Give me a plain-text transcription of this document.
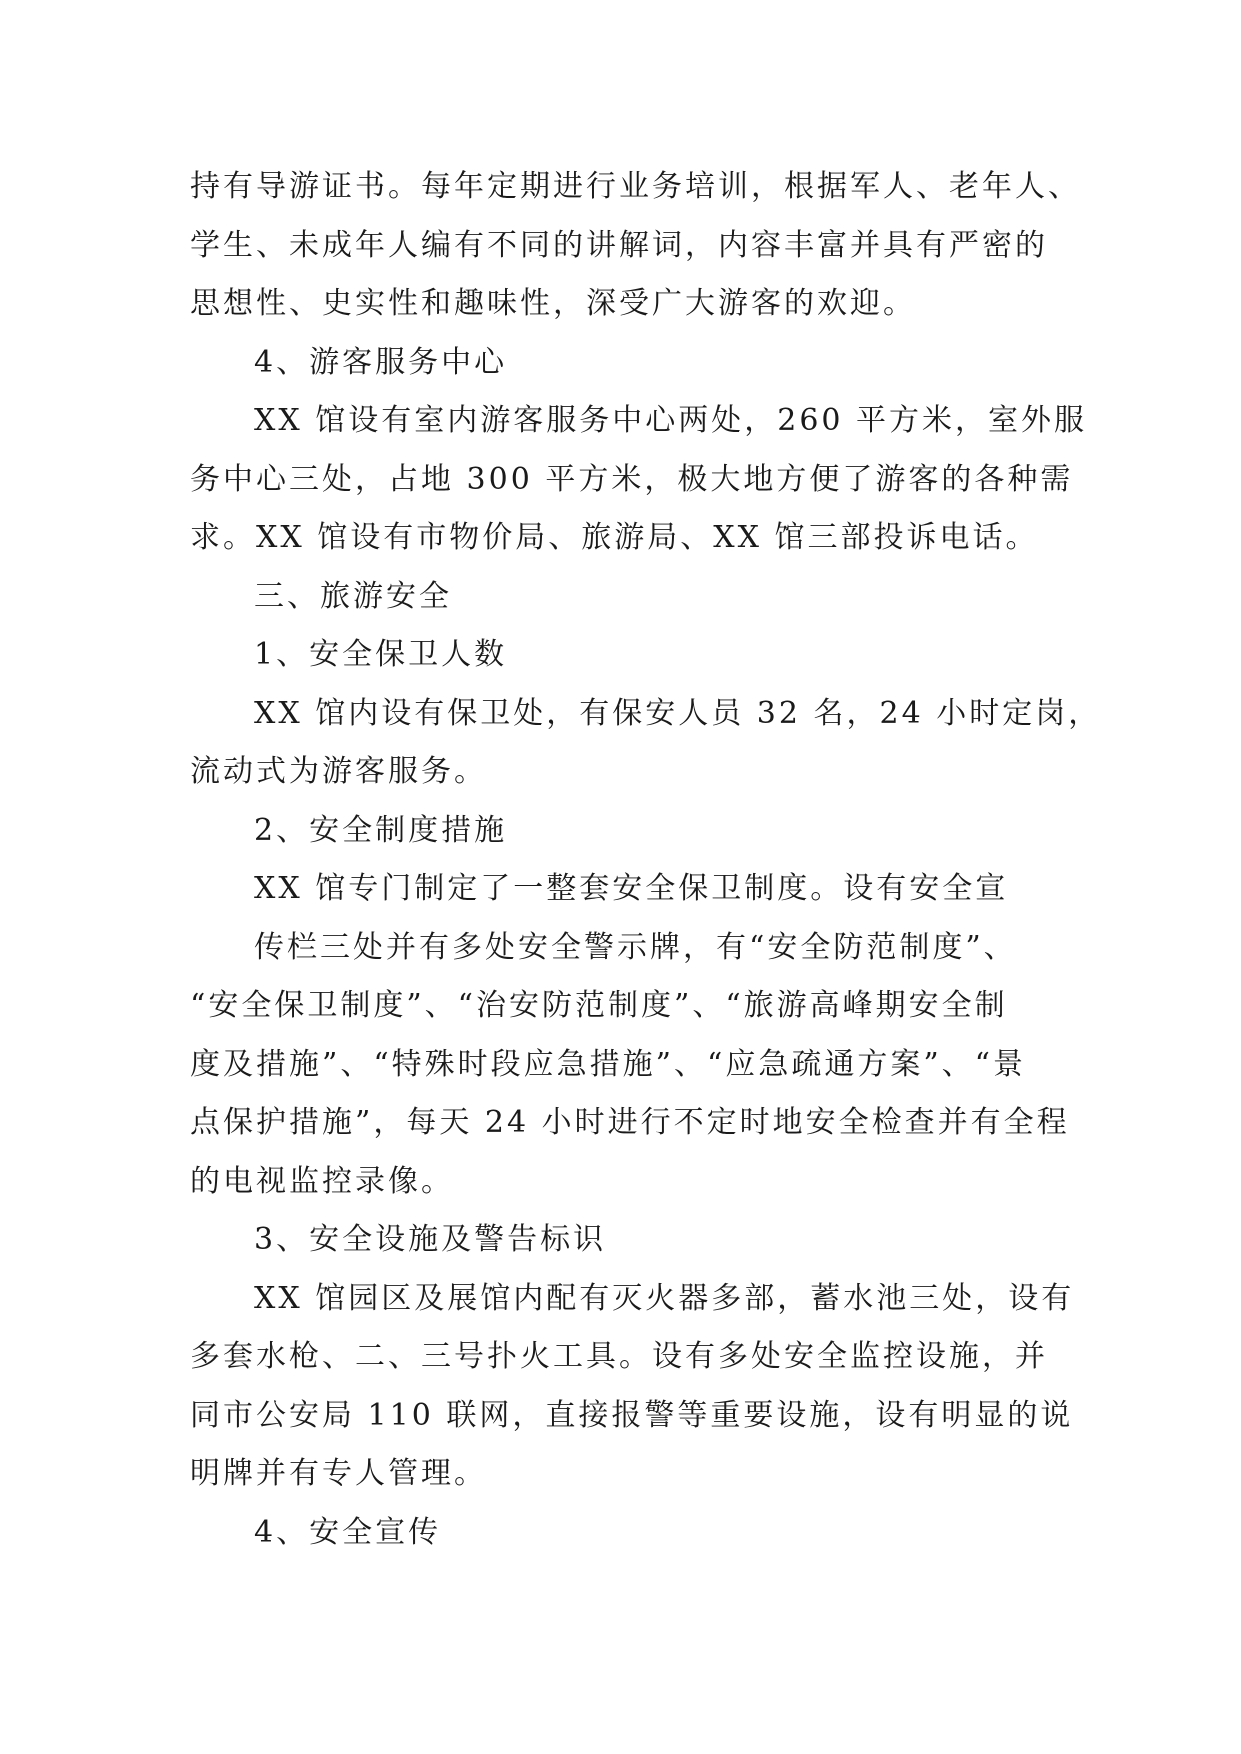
持有导游证书。每年定期进行业务培训，根据军人、老年人、
学生、未成年人编有不同的讲解词，内容丰富并具有严密的
思想性、史实性和趣味性，深受广大游客的欢迎。
4、游客服务中心
XX 馆设有室内游客服务中心两处，260 平方米，室外服
务中心三处，占地 300 平方米，极大地方便了游客的各种需
求。XX 馆设有市物价局、旅游局、XX 馆三部投诉电话。
三、旅游安全
1、安全保卫人数
XX 馆内设有保卫处，有保安人员 32 名，24 小时定岗，
流动式为游客服务。
2、安全制度措施
XX 馆专门制定了一整套安全保卫制度。设有安全宣
传栏三处并有多处安全警示牌，有“安全防范制度”、
“安全保卫制度”、“治安防范制度”、“旅游高峰期安全制
度及措施”、“特殊时段应急措施”、“应急疏通方案”、“景
点保护措施”，每天 24 小时进行不定时地安全检查并有全程
的电视监控录像。
3、安全设施及警告标识
XX 馆园区及展馆内配有灭火器多部，蓄水池三处，设有
多套水枪、二、三号扑火工具。设有多处安全监控设施，并
同市公安局 110 联网，直接报警等重要设施，设有明显的说
明牌并有专人管理。
4、安全宣传
